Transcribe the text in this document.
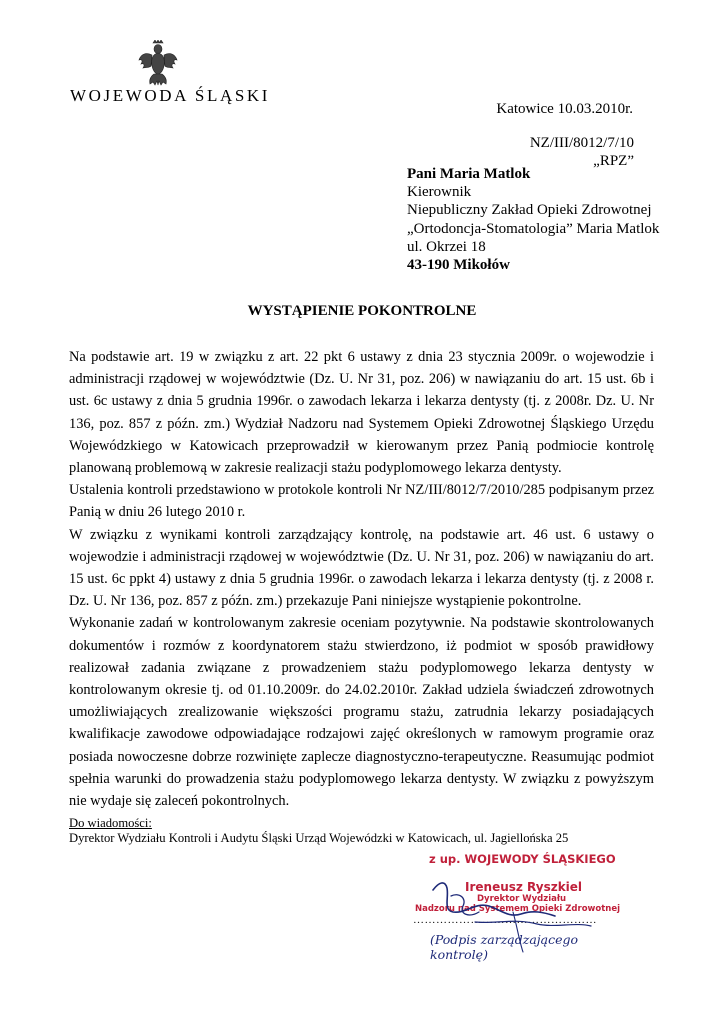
WOJEWODA ŚLĄSKI
Katowice 10.03.2010r.
NZ/III/8012/7/10
„RPZ”
Pani Maria Matlok
Kierownik
Niepubliczny Zakład Opieki Zdrowotnej
„Ortodoncja-Stomatologia” Maria Matlok
ul. Okrzei 18
43-190 Mikołów
WYSTĄPIENIE POKONTROLNE

Na podstawie art. 19 w związku z art. 22 pkt 6 ustawy z dnia 23 stycznia 2009r. o wojewodzie i administracji rządowej w województwie (Dz. U. Nr 31, poz. 206) w nawiązaniu do art. 15 ust. 6b i ust. 6c ustawy z dnia 5 grudnia 1996r. o zawodach lekarza i lekarza dentysty (tj. z 2008r. Dz. U. Nr 136, poz. 857 z późn. zm.) Wydział Nadzoru nad Systemem Opieki Zdrowotnej Śląskiego Urzędu Wojewódzkiego w Katowicach przeprowadził w kierowanym przez Panią podmiocie kontrolę planowaną problemową w zakresie realizacji stażu podyplomowego lekarza dentysty.

Ustalenia kontroli przedstawiono w protokole kontroli Nr NZ/III/8012/7/2010/285 podpisanym przez Panią w dniu 26 lutego 2010 r.

W związku z wynikami kontroli zarządzający kontrolę, na podstawie art. 46 ust. 6 ustawy o wojewodzie i administracji rządowej w województwie (Dz. U. Nr 31, poz. 206) w nawiązaniu do art. 15 ust. 6c ppkt 4) ustawy z dnia 5 grudnia 1996r. o zawodach lekarza i lekarza dentysty (tj. z 2008 r. Dz. U. Nr 136, poz. 857 z późn. zm.) przekazuje Pani niniejsze wystąpienie pokontrolne.

Wykonanie zadań w kontrolowanym zakresie oceniam pozytywnie. Na podstawie skontrolowanych dokumentów i rozmów z koordynatorem stażu stwierdzono, iż podmiot w sposób prawidłowy realizował zadania związane z prowadzeniem stażu podyplomowego lekarza dentysty w kontrolowanym okresie tj. od 01.10.2009r. do 24.02.2010r. Zakład udziela świadczeń zdrowotnych umożliwiających zrealizowanie większości programu stażu, zatrudnia lekarzy posiadających kwalifikacje zawodowe odpowiadające rodzajowi zajęć określonych w ramowym programie oraz posiada nowoczesne dobrze rozwinięte zaplecze diagnostyczno-terapeutyczne. Reasumując podmiot spełnia warunki do prowadzenia stażu podyplomowego lekarza dentysty. W związku z powyższym nie wydaje się zaleceń pokontrolnych.

Do wiadomości:
Dyrektor Wydziału Kontroli i Audytu Śląski Urząd Wojewódzki w Katowicach, ul. Jagiellońska 25
z up. WOJEWODY ŚLĄSKIEGO
Ireneusz Ryszkiel
Dyrektor Wydziału
Nadzoru nad Systemem Opieki Zdrowotnej
…………………………………………
(Podpis zarządzającego kontrolę)
